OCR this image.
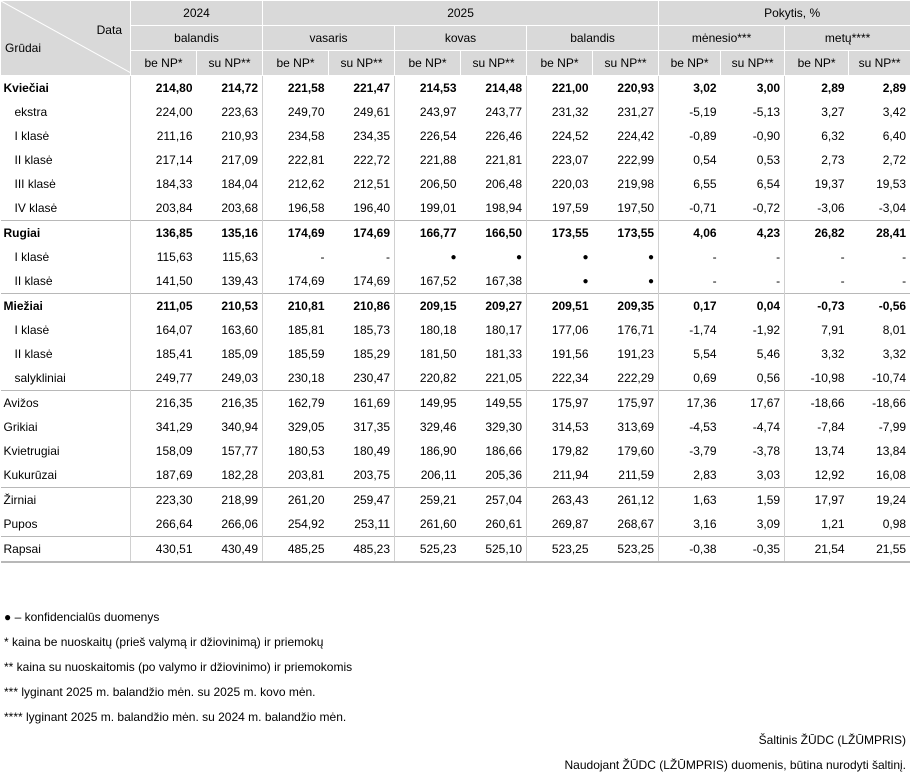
Data
Grūdai	2024		2025						Pokytis, %			
	balandis		vasaris		kovas		balandis		mėnesio***		metų****	
	be NP*	su NP**	be NP*	su NP**	be NP*	su NP**	be NP*	su NP**	be NP*	su NP**	be NP*	su NP**
Kviečiai	214,80	214,72	221,58	221,47	214,53	214,48	221,00	220,93	3,02	3,00	2,89	2,89
ekstra	224,00	223,63	249,70	249,61	243,97	243,77	231,32	231,27	-5,19	-5,13	3,27	3,42
I klasė	211,16	210,93	234,58	234,35	226,54	226,46	224,52	224,42	-0,89	-0,90	6,32	6,40
II klasė	217,14	217,09	222,81	222,72	221,88	221,81	223,07	222,99	0,54	0,53	2,73	2,72
III klasė	184,33	184,04	212,62	212,51	206,50	206,48	220,03	219,98	6,55	6,54	19,37	19,53
IV klasė	203,84	203,68	196,58	196,40	199,01	198,94	197,59	197,50	-0,71	-0,72	-3,06	-3,04
Rugiai	136,85	135,16	174,69	174,69	166,77	166,50	173,55	173,55	4,06	4,23	26,82	28,41
I klasė	115,63	115,63	-	-	●	●	●	●	-	-	-	-
II klasė	141,50	139,43	174,69	174,69	167,52	167,38	●	●	-	-	-	-
Miežiai	211,05	210,53	210,81	210,86	209,15	209,27	209,51	209,35	0,17	0,04	-0,73	-0,56
I klasė	164,07	163,60	185,81	185,73	180,18	180,17	177,06	176,71	-1,74	-1,92	7,91	8,01
II klasė	185,41	185,09	185,59	185,29	181,50	181,33	191,56	191,23	5,54	5,46	3,32	3,32
salykliniai	249,77	249,03	230,18	230,47	220,82	221,05	222,34	222,29	0,69	0,56	-10,98	-10,74
Avižos	216,35	216,35	162,79	161,69	149,95	149,55	175,97	175,97	17,36	17,67	-18,66	-18,66
Grikiai	341,29	340,94	329,05	317,35	329,46	329,30	314,53	313,69	-4,53	-4,74	-7,84	-7,99
Kvietrugiai	158,09	157,77	180,53	180,49	186,90	186,66	179,82	179,60	-3,79	-3,78	13,74	13,84
Kukurūzai	187,69	182,28	203,81	203,75	206,11	205,36	211,94	211,59	2,83	3,03	12,92	16,08
Žirniai	223,30	218,99	261,20	259,47	259,21	257,04	263,43	261,12	1,63	1,59	17,97	19,24
Pupos	266,64	266,06	254,92	253,11	261,60	260,61	269,87	268,67	3,16	3,09	1,21	0,98
Rapsai	430,51	430,49	485,25	485,23	525,23	525,10	523,25	523,25	-0,38	-0,35	21,54	21,55
● – konfidencialūs duomenys
* kaina be nuoskaitų (prieš valymą ir džiovinimą) ir priemokų
** kaina su nuoskaitomis (po valymo ir džiovinimo) ir priemokomis
*** lyginant 2025 m. balandžio mėn. su 2025 m. kovo mėn.
**** lyginant 2025 m. balandžio mėn. su 2024 m. balandžio mėn.
Šaltinis ŽŪDC (LŽŪMPRIS)
Naudojant ŽŪDC (LŽŪMPRIS) duomenis, būtina nurodyti šaltinį.
